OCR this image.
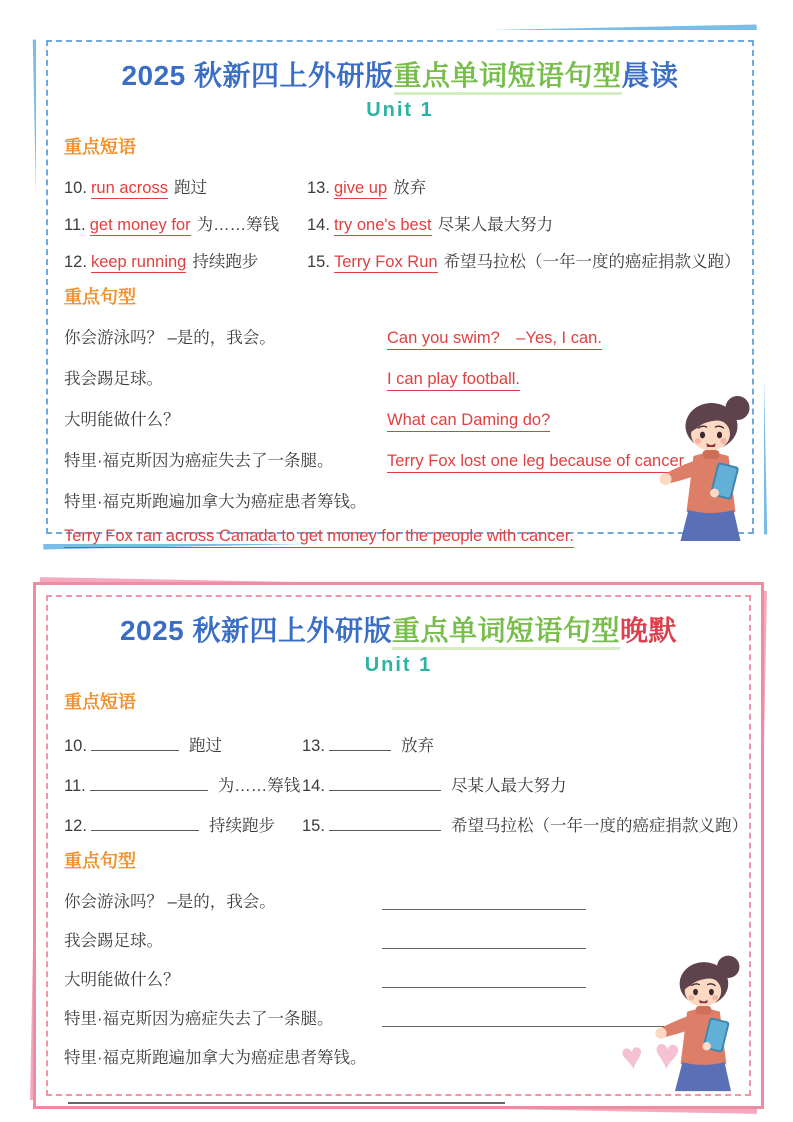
2025 秋新四上外研版重点单词短语句型晨读
Unit 1
重点短语
10. run across 跑过
11. get money for 为……筹钱
12. keep running 持续跑步
13. give up 放弃
14. try one's best 尽某人最大努力
15. Terry Fox Run 希望马拉松（一年一度的癌症捐款义跑）
重点句型
你会游泳吗？ –是的，我会。	Can you swim?　–Yes, I can.
我会踢足球。	I can play football.
大明能做什么？	What can Daming do?
特里·福克斯因为癌症失去了一条腿。	Terry Fox lost one leg because of cancer.
特里·福克斯跑遍加拿大为癌症患者筹钱。
Terry Fox ran across Canada to get money for the people with cancer.
2025 秋新四上外研版重点单词短语句型晚默
Unit 1
重点短语
10.	跑过
11.	为……筹钱
12.	持续跑步
13.	放弃
14.	尽某人最大努力
15.	希望马拉松（一年一度的癌症捐款义跑）
重点句型
你会游泳吗？ –是的，我会。
我会踢足球。
大明能做什么？
特里·福克斯因为癌症失去了一条腿。
特里·福克斯跑遍加拿大为癌症患者筹钱。	♥ ♥
